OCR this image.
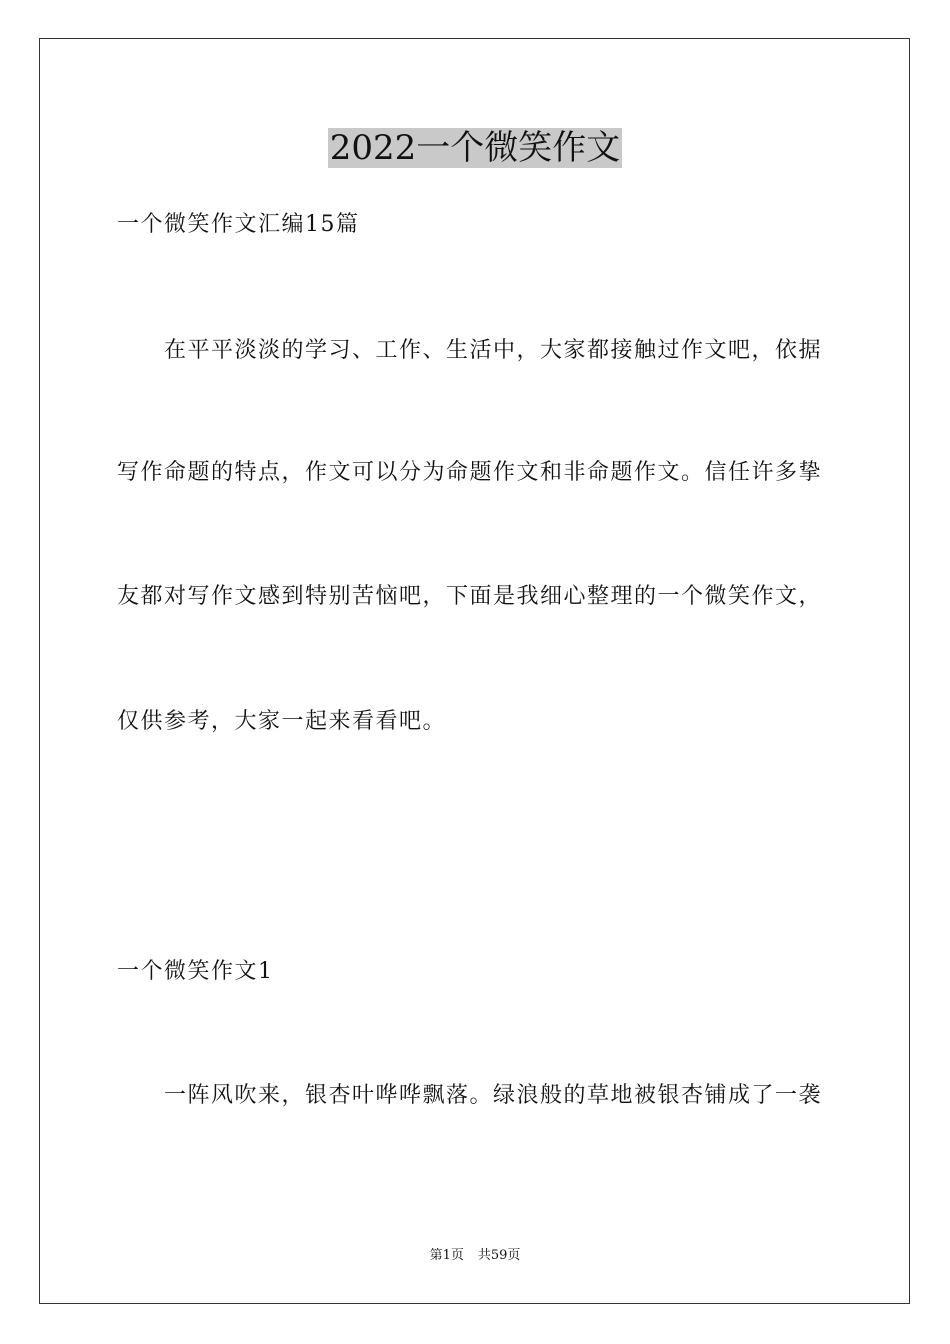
2022一个微笑作文
一个微笑作文汇编15篇
在平平淡淡的学习、工作、生活中，大家都接触过作文吧，依据
写作命题的特点，作文可以分为命题作文和非命题作文。信任许多挚
友都对写作文感到特别苦恼吧，下面是我细心整理的一个微笑作文，
仅供参考，大家一起来看看吧。
一个微笑作文1
一阵风吹来，银杏叶哗哗飘落。绿浪般的草地被银杏铺成了一袭
第1页 共59页
